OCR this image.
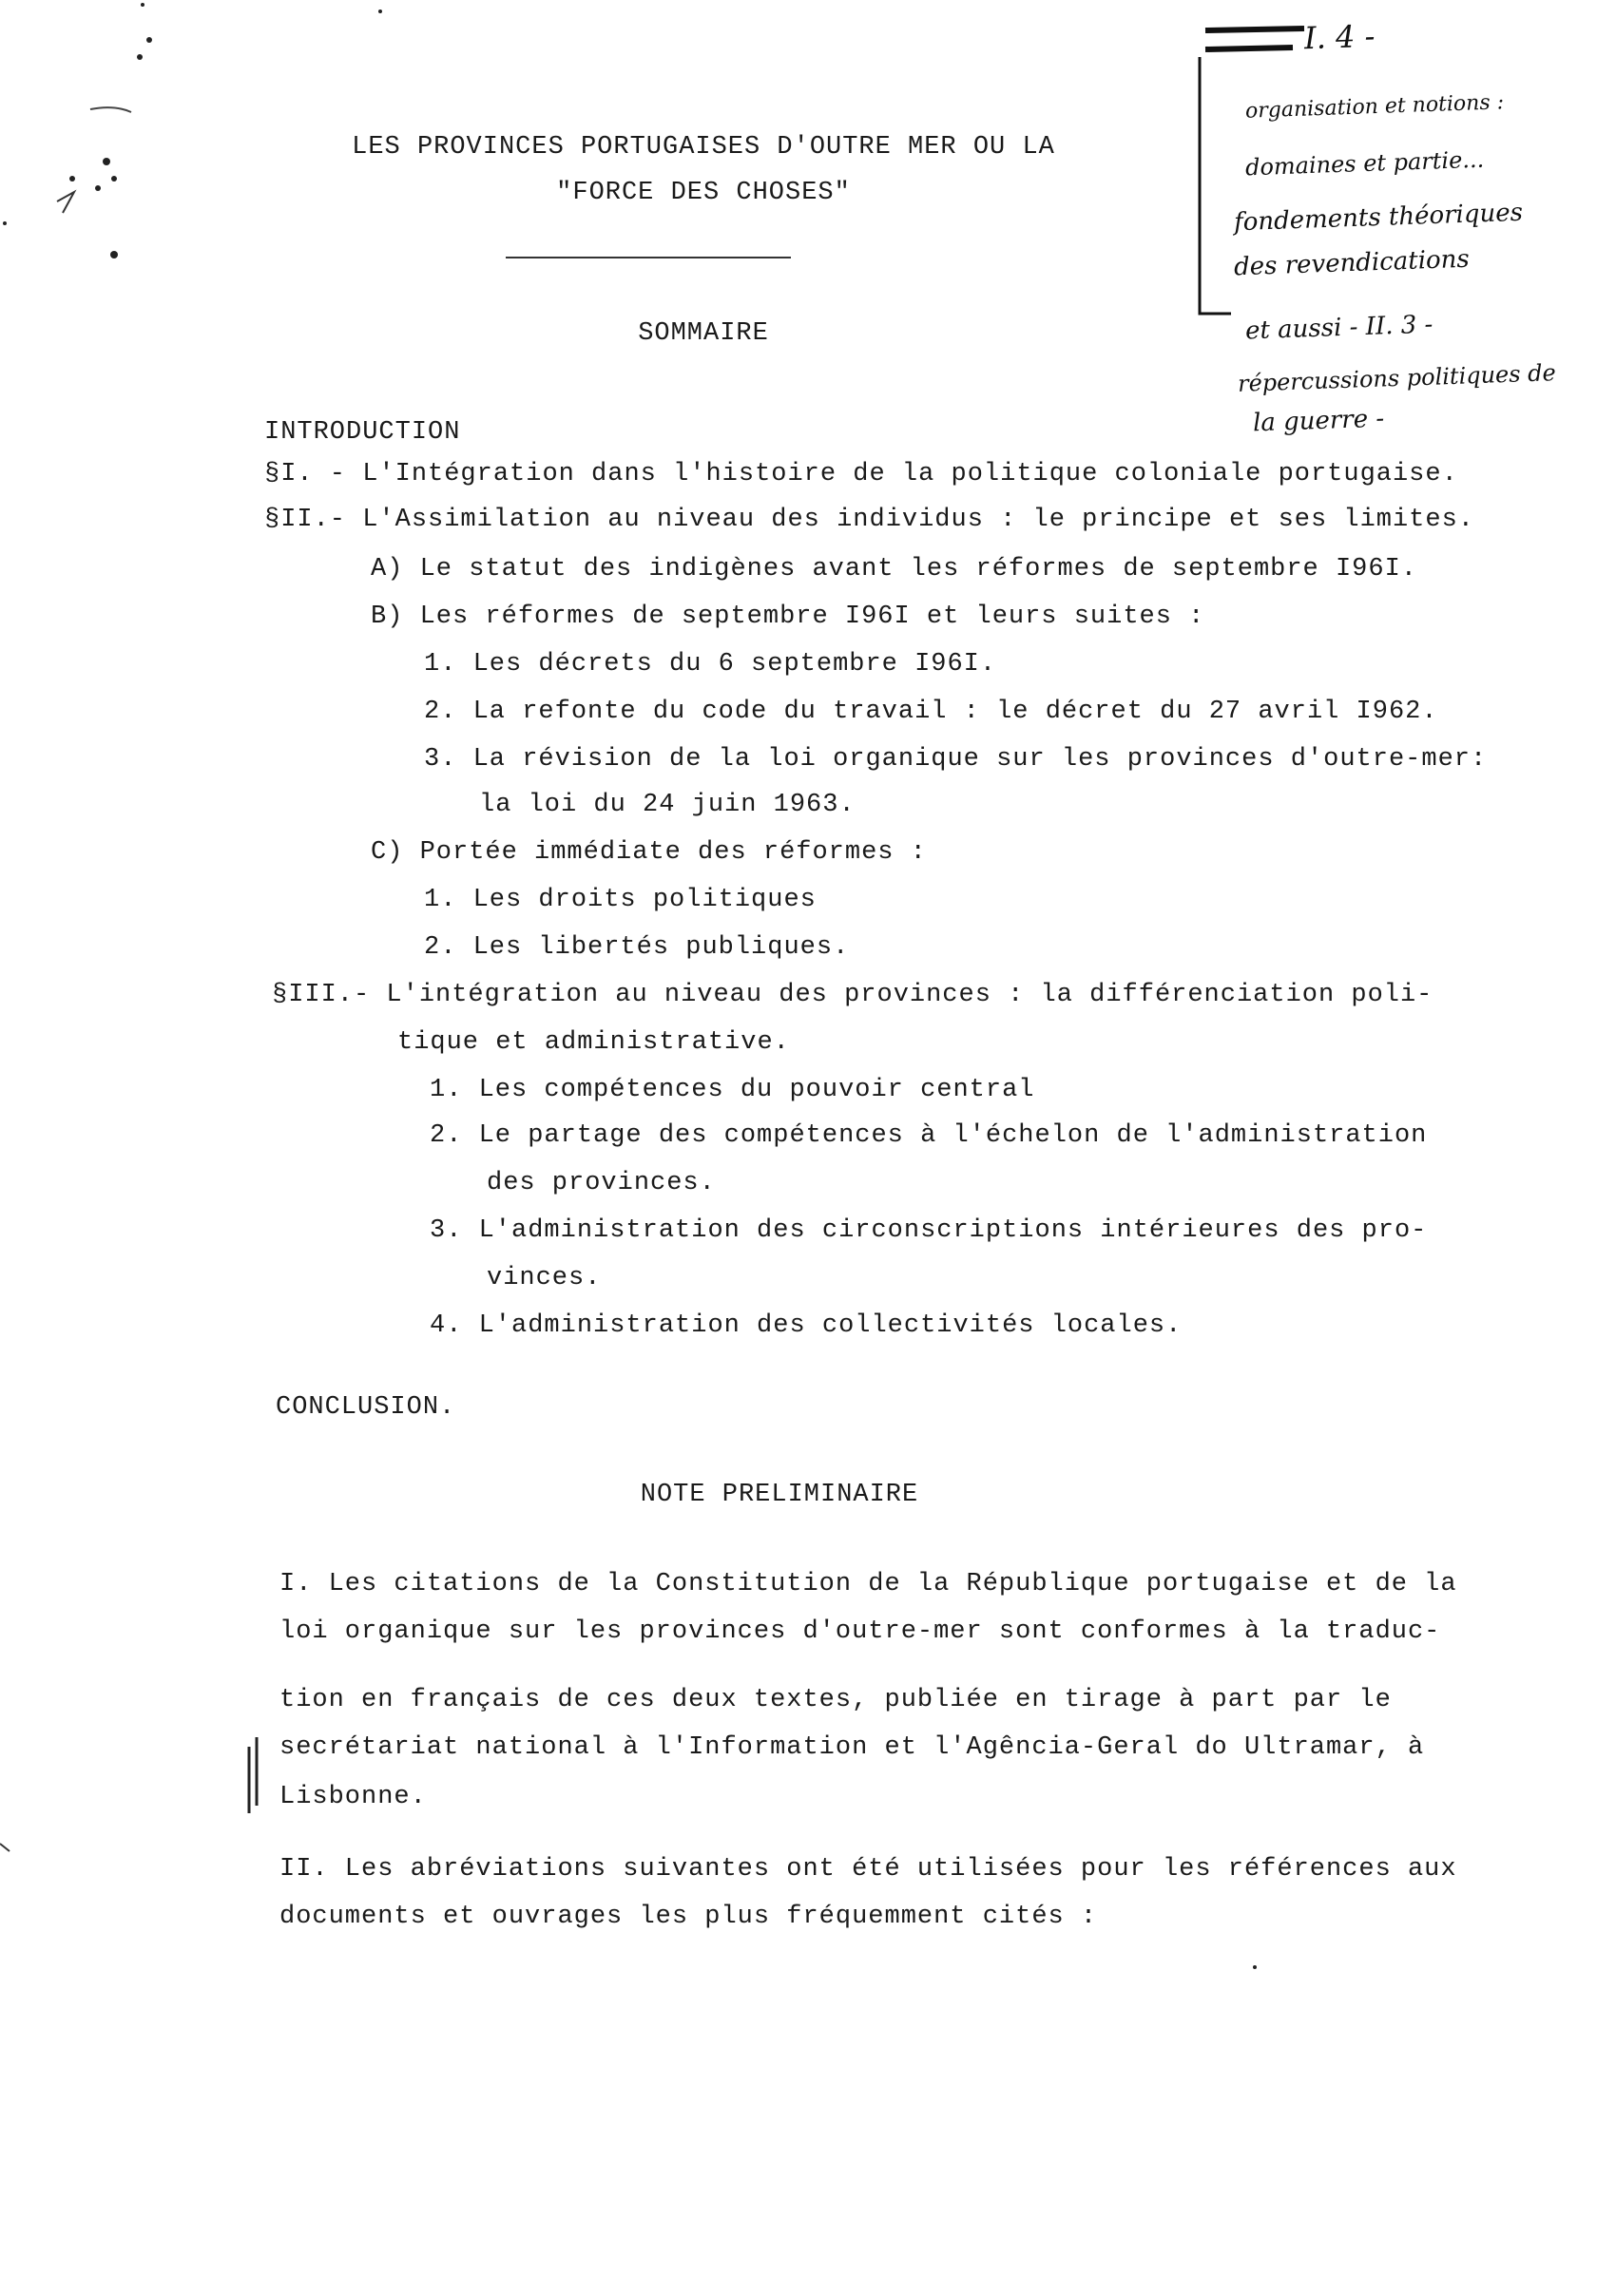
LES PROVINCES PORTUGAISES D'OUTRE MER OU LA
"FORCE DES CHOSES"
SOMMAIRE
INTRODUCTION
§I. - L'Intégration dans l'histoire de la politique coloniale portugaise.
§II.- L'Assimilation au niveau des individus : le principe et ses limites.
A) Le statut des indigènes avant les réformes de septembre I96I.
B) Les réformes de septembre I96I et leurs suites :
1. Les décrets du 6 septembre I96I.
2. La refonte du code du travail : le décret du 27 avril I962.
3. La révision de la loi organique sur les provinces d'outre-mer:
la loi du 24 juin 1963.
C) Portée immédiate des réformes :
1. Les droits politiques
2. Les libertés publiques.
§III.- L'intégration au niveau des provinces : la différenciation poli-
tique et administrative.
1. Les compétences du pouvoir central
2. Le partage des compétences à l'échelon de l'administration
des provinces.
3. L'administration des circonscriptions intérieures des pro-
vinces.
4. L'administration des collectivités locales.
CONCLUSION.
NOTE PRELIMINAIRE
I. Les citations de la Constitution de la République portugaise et de la
loi organique sur les provinces d'outre-mer sont conformes à la traduc-
tion en français de ces deux textes, publiée en tirage à part par le
secrétariat national à l'Information et l'Agência-Geral do Ultramar, à
Lisbonne.
II. Les abréviations suivantes ont été utilisées pour les références aux
documents et ouvrages les plus fréquemment cités :
I. 4 -
organisation et notions :
domaines et partie...
fondements théoriques
des revendications
et aussi - II. 3 -
répercussions politiques de
la guerre -
